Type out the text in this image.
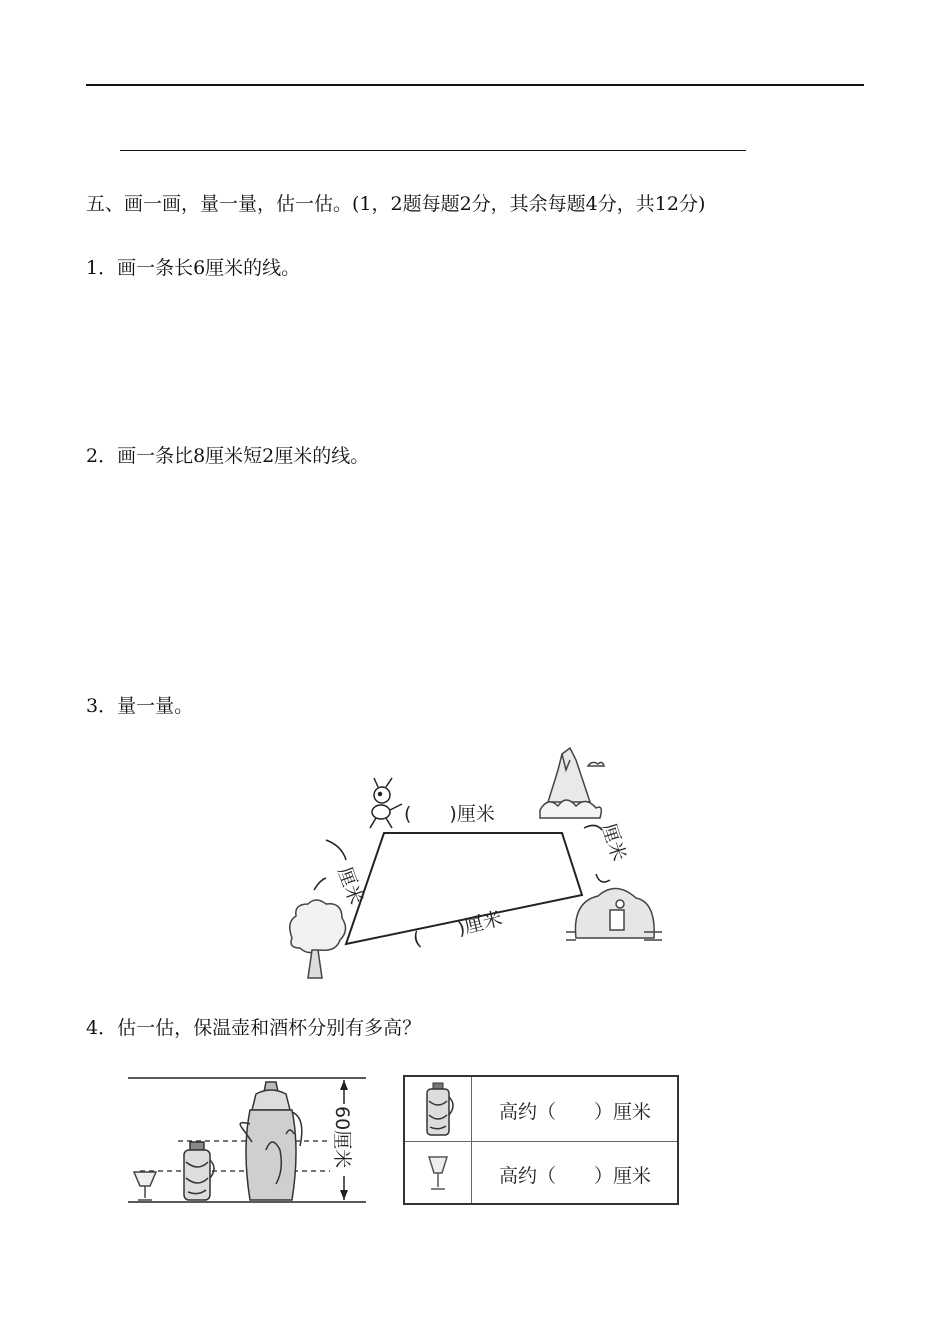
五、画一画，量一量，估一估。(1，2题每题2分，其余每题4分，共12分)
1．画一条长6厘米的线。
2．画一条比8厘米短2厘米的线。
3．量一量。
4．估一估，保温壶和酒杯分别有多高？
(　　)厘米
(　　)厘米
厘米
厘米
60厘米	高约（　　）厘米
高约（　　）厘米
